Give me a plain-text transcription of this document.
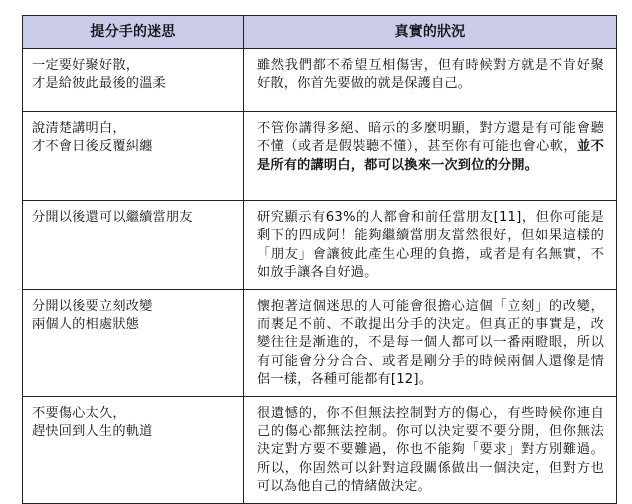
提分手的迷思	真實的狀況

一定要好聚好散，
才是給彼此最後的溫柔	雖然我們都不希望互相傷害，但有時候對方就是不肯好聚好散，你首先要做的就是保護自己。

說清楚講明白，
才不會日後反覆糾纏	不管你講得多絕、暗示的多麼明顯，對方還是有可能會聽不懂（或者是假裝聽不懂），甚至你有可能也會心軟，並不是所有的講明白，都可以換來一次到位的分開。

分開以後還可以繼續當朋友	研究顯示有63%的人都會和前任當朋友[11]，但你可能是剩下的四成阿！能夠繼續當朋友當然很好，但如果這樣的「朋友」會讓彼此產生心理的負擔，或者是有名無實，不如放手讓各自好過。

分開以後要立刻改變
兩個人的相處狀態	懷抱著這個迷思的人可能會很擔心這個「立刻」的改變，而裹足不前、不敢提出分手的決定。但真正的事實是，改變往往是漸進的，不是每一個人都可以一番兩瞪眼，所以有可能會分分合合、或者是剛分手的時候兩個人還像是情侶一樣，各種可能都有[12]。

不要傷心太久，
趕快回到人生的軌道	很遺憾的，你不但無法控制對方的傷心，有些時候你連自己的傷心都無法控制。你可以決定要不要分開，但你無法決定對方要不要難過，你也不能夠「要求」對方別難過。所以，你固然可以針對這段關係做出一個決定，但對方也可以為他自己的情緒做決定。
